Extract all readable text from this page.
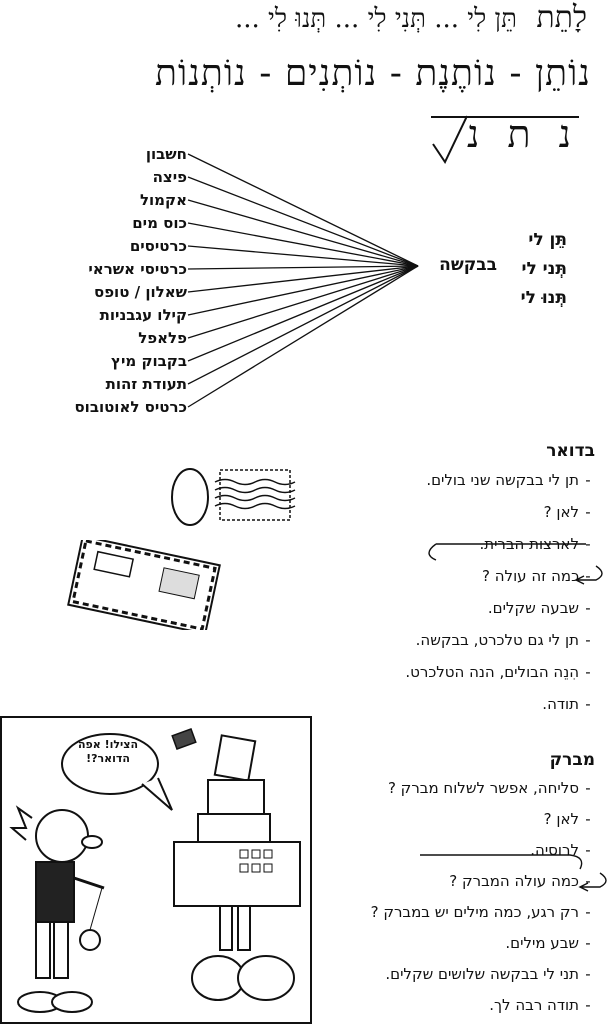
לָתֵת
תֵּן לִי ... תְּנִי לִי ... תְּנוּ לִי ...
נוֹתֵן - נוֹתֶנֶת - נוֹתְנִים - נוֹתְנוֹת
נ ת נ
חשבון
פיצה
אקמול
כוס מים
כרטיסים
כרטיסי אשראי
שאלון / טופס
קילו עגבניות
פלאפל
בקבוק מיץ
תעודת זהות
כרטיס לאוטובוס
בבקשה
תֵּן לי
תְּני לי
תְּנוּ לי
בדואר
-תן לי בבקשה שני בולים.
-לאן ?
-לארצות הברית.
-כמה זה עולה ?
-שבעה שקלים.
-תן לי גם טלכרט, בבקשה.
-הִנֵה הבולים, הנה הטלכרט.
-תודה.
מברק
-סליחה, אפשר לשלוח מברק ?
-לאן ?
-לרוסיה.
-כמה עולה המברק ?
-רק רגע, כמה מילים יש במברק ?
-שבע מילים.
-תני לי בבקשה שלושים שקלים.
-תודה רבה לך.
הצילו! אפה הדואר?!
